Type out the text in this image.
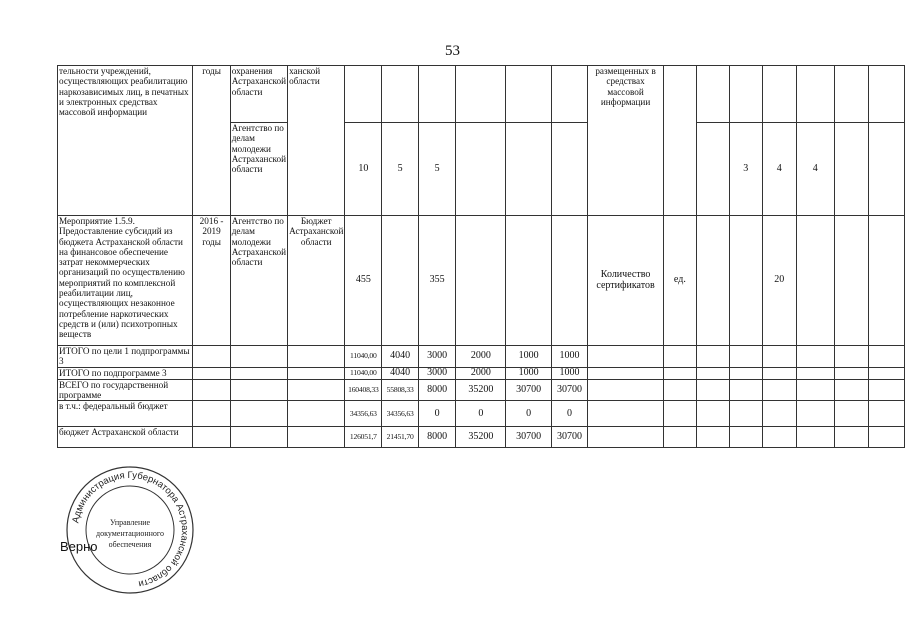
53
тельности учреждений, осуществляющих реабилитацию наркозависимых лиц, в печатных и электронных средствах массовой информации	годы	охранения Астраханской области	ханской области							размещенных в средствах массовой информации							
		Агентство по делам молодежи Астраханской области		10	5	5							3	4	4		
Мероприятие 1.5.9. Предоставление субсидий из бюджета Астраханской области на финансовое обеспечение затрат некоммерческих организаций по осуществлению мероприятий по комплексной реабилитации лиц, осуществляющих незаконное потребление наркотических средств и (или) психотропных веществ	2016 - 2019 годы	Агентство по делам молодежи Астраханской области	Бюджет Астраханской области	455		355				Количество сертификатов	ед.			20			
ИТОГО по цели 1 подпрограммы 3				11040,00	4040	3000	2000	1000	1000								
ИТОГО по подпрограмме 3				11040,00	4040	3000	2000	1000	1000								
ВСЕГО по государственной программе				160408,33	55808,33	8000	35200	30700	30700								
в т.ч.: федеральный бюджет				34356,63	34356,63	0	0	0	0								
бюджет Астраханской области				126051,7	21451,70	8000	35200	30700	30700								
Администрация Губернатора Астраханской области
Управление
документационного
обеспечения
Верно
